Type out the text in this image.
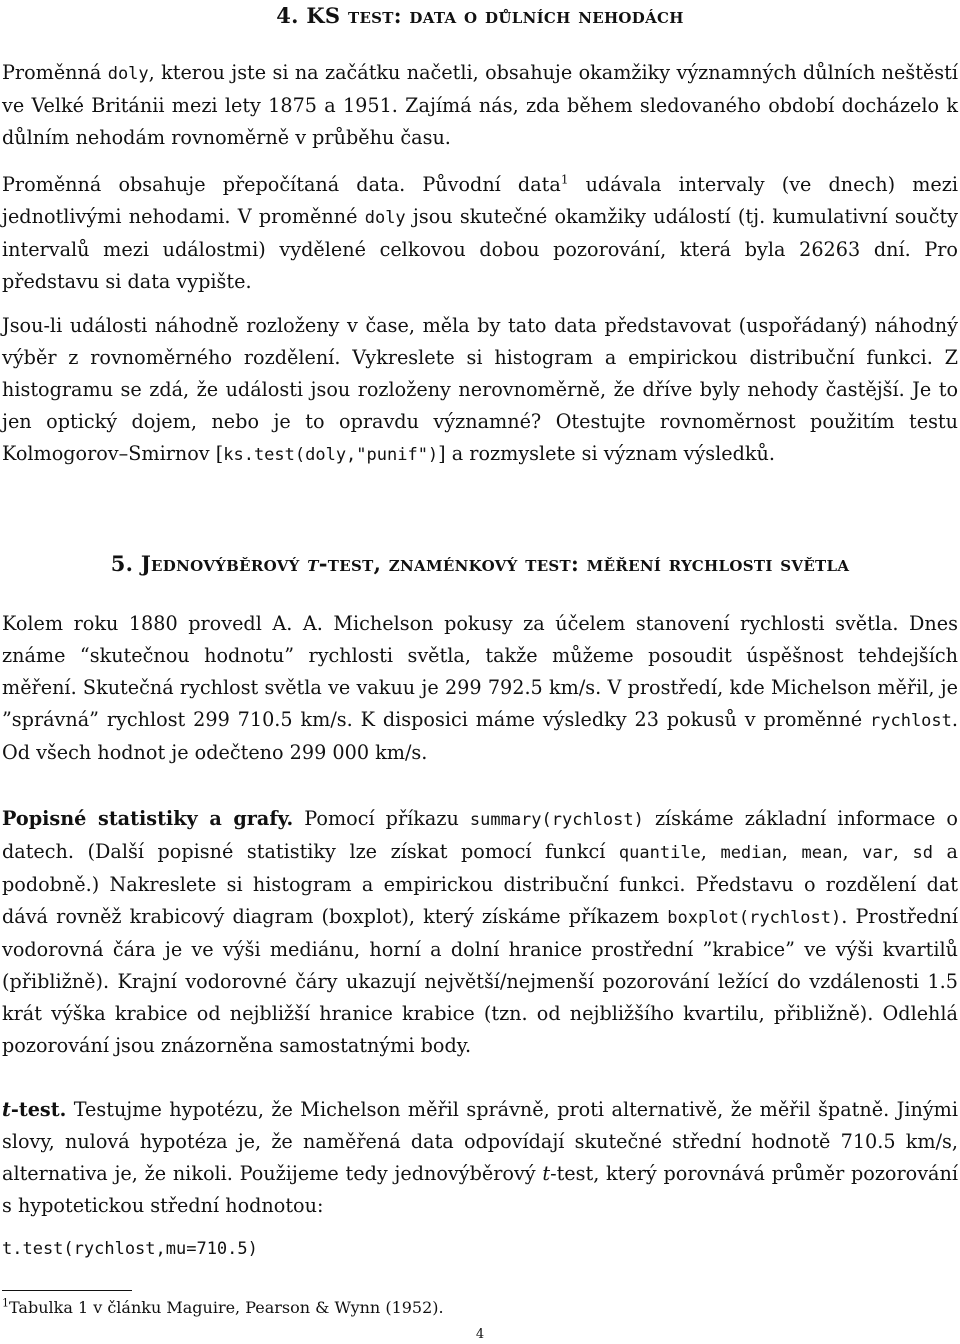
4. KS test: data o důlních nehodách

Proměnná doly, kterou jste si na začátku načetli, obsahuje okamžiky významných důlních neštěstí ve Velké Británii mezi lety 1875 a 1951. Zajímá nás, zda během sledovaného období docházelo k důlním nehodám rovnoměrně v průběhu času.

Proměnná obsahuje přepočítaná data. Původní data$^1$ udávala intervaly (ve dnech) mezi jednotlivými nehodami. V proměnné doly jsou skutečné okamžiky událostí (tj. kumulativní součty intervalů mezi událostmi) vydělené celkovou dobou pozorování, která byla 26263 dní. Pro představu si data vypište.

Jsou-li události náhodně rozloženy v čase, měla by tato data představovat (uspořádaný) náhodný výběr z rovnoměrného rozdělení. Vykreslete si histogram a empirickou distribuční funkci. Z histogramu se zdá, že události jsou rozloženy nerovnoměrně, že dříve byly nehody častější. Je to jen optický dojem, nebo je to opravdu významné? Otestujte rovnoměrnost použitím testu Kolmogorov–Smirnov [ks.test(doly,"punif")] a rozmyslete si význam výsledků.

5. Jednovýběrový t-test, znaménkový test: měření rychlosti světla

Kolem roku 1880 provedl A. A. Michelson pokusy za účelem stanovení rychlosti světla. Dnes známe “skutečnou hodnotu” rychlosti světla, takže můžeme posoudit úspěšnost tehdejších měření. Skutečná rychlost světla ve vakuu je 299 792.5 km/s. V prostředí, kde Michelson měřil, je ”správná” rychlost 299 710.5 km/s. K disposici máme výsledky 23 pokusů v proměnné rychlost. Od všech hodnot je odečteno 299 000 km/s.

Popisné statistiky a grafy. Pomocí příkazu summary(rychlost) získáme základní informace o datech. (Další popisné statistiky lze získat pomocí funkcí quantile, median, mean, var, sd a podobně.) Nakreslete si histogram a empirickou distribuční funkci. Představu o rozdělení dat dává rovněž krabicový diagram (boxplot), který získáme příkazem boxplot(rychlost). Prostřední vodorovná čára je ve výši mediánu, horní a dolní hranice prostřední ”krabice” ve výši kvartilů (přibližně). Krajní vodorovné čáry ukazují největší/nejmenší pozorování ležící do vzdálenosti 1.5 krát výška krabice od nejbližší hranice krabice (tzn. od nejbližšího kvartilu, přibližně). Odlehlá pozorování jsou znázorněna samostatnými body.

t-test. Testujme hypotézu, že Michelson měřil správně, proti alternativě, že měřil špatně. Jinými slovy, nulová hypotéza je, že naměřená data odpovídají skutečné střední hodnotě 710.5 km/s, alternativa je, že nikoli. Použijeme tedy jednovýběrový t-test, který porovnává průměr pozorování s hypotetickou střední hodnotou:

t.test(rychlost,mu=710.5)
$^1$Tabulka 1 v článku Maguire, Pearson & Wynn (1952).
4
